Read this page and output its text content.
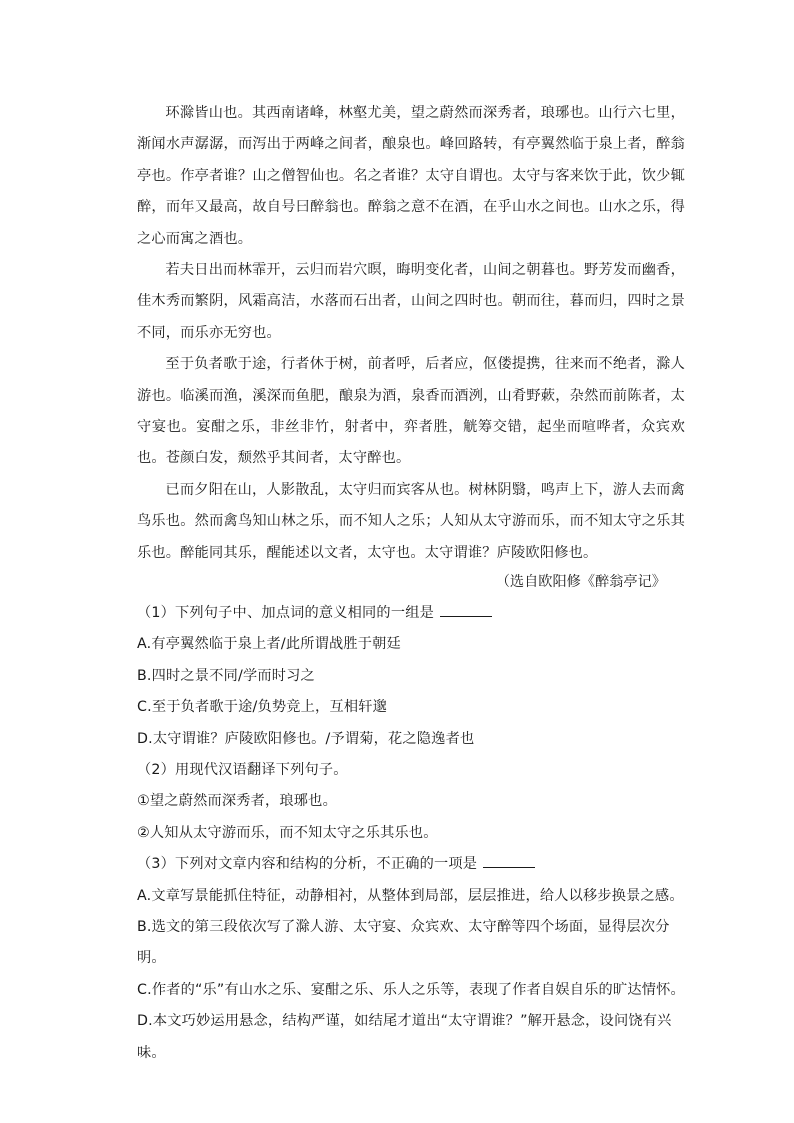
环滁皆山也。其西南诸峰，林壑尤美，望之蔚然而深秀者，琅琊也。山行六七里，渐闻水声潺潺，而泻出于两峰之间者，酿泉也。峰回路转，有亭翼然临于泉上者，醉翁亭也。作亭者谁？山之僧智仙也。名之者谁？太守自谓也。太守与客来饮于此，饮少辄醉，而年又最高，故自号曰醉翁也。醉翁之意不在酒，在乎山水之间也。山水之乐，得之心而寓之酒也。

若夫日出而林霏开，云归而岩穴暝，晦明变化者，山间之朝暮也。野芳发而幽香，佳木秀而繁阴，风霜高洁，水落而石出者，山间之四时也。朝而往，暮而归，四时之景不同，而乐亦无穷也。

至于负者歌于途，行者休于树，前者呼，后者应，伛偻提携，往来而不绝者，滁人游也。临溪而渔，溪深而鱼肥，酿泉为酒，泉香而酒洌，山肴野蔌，杂然而前陈者，太守宴也。宴酣之乐，非丝非竹，射者中，弈者胜，觥筹交错，起坐而喧哗者，众宾欢也。苍颜白发，颓然乎其间者，太守醉也。

已而夕阳在山，人影散乱，太守归而宾客从也。树林阴翳，鸣声上下，游人去而禽鸟乐也。然而禽鸟知山林之乐，而不知人之乐；人知从太守游而乐，而不知太守之乐其乐也。醉能同其乐，醒能述以文者，太守也。太守谓谁？庐陵欧阳修也。

（选自欧阳修《醉翁亭记》

（1）下列句子中、加点词的意义相同的一组是

A.有亭翼然临于泉上者/此所谓战胜于朝廷

B.四时之景不同/学而时习之

C.至于负者歌于途/负势竞上，互相轩邈

D.太守谓谁？庐陵欧阳修也。/予谓菊，花之隐逸者也

（2）用现代汉语翻译下列句子。

①望之蔚然而深秀者，琅琊也。

②人知从太守游而乐，而不知太守之乐其乐也。

（3）下列对文章内容和结构的分析，不正确的一项是

A.文章写景能抓住特征，动静相衬，从整体到局部，层层推进，给人以移步换景之感。

B.选文的第三段依次写了滁人游、太守宴、众宾欢、太守醉等四个场面，显得层次分明。

C.作者的“乐”有山水之乐、宴酣之乐、乐人之乐等，表现了作者自娱自乐的旷达情怀。

D.本文巧妙运用悬念，结构严谨，如结尾才道出“太守谓谁？”解开悬念，设问饶有兴味。
